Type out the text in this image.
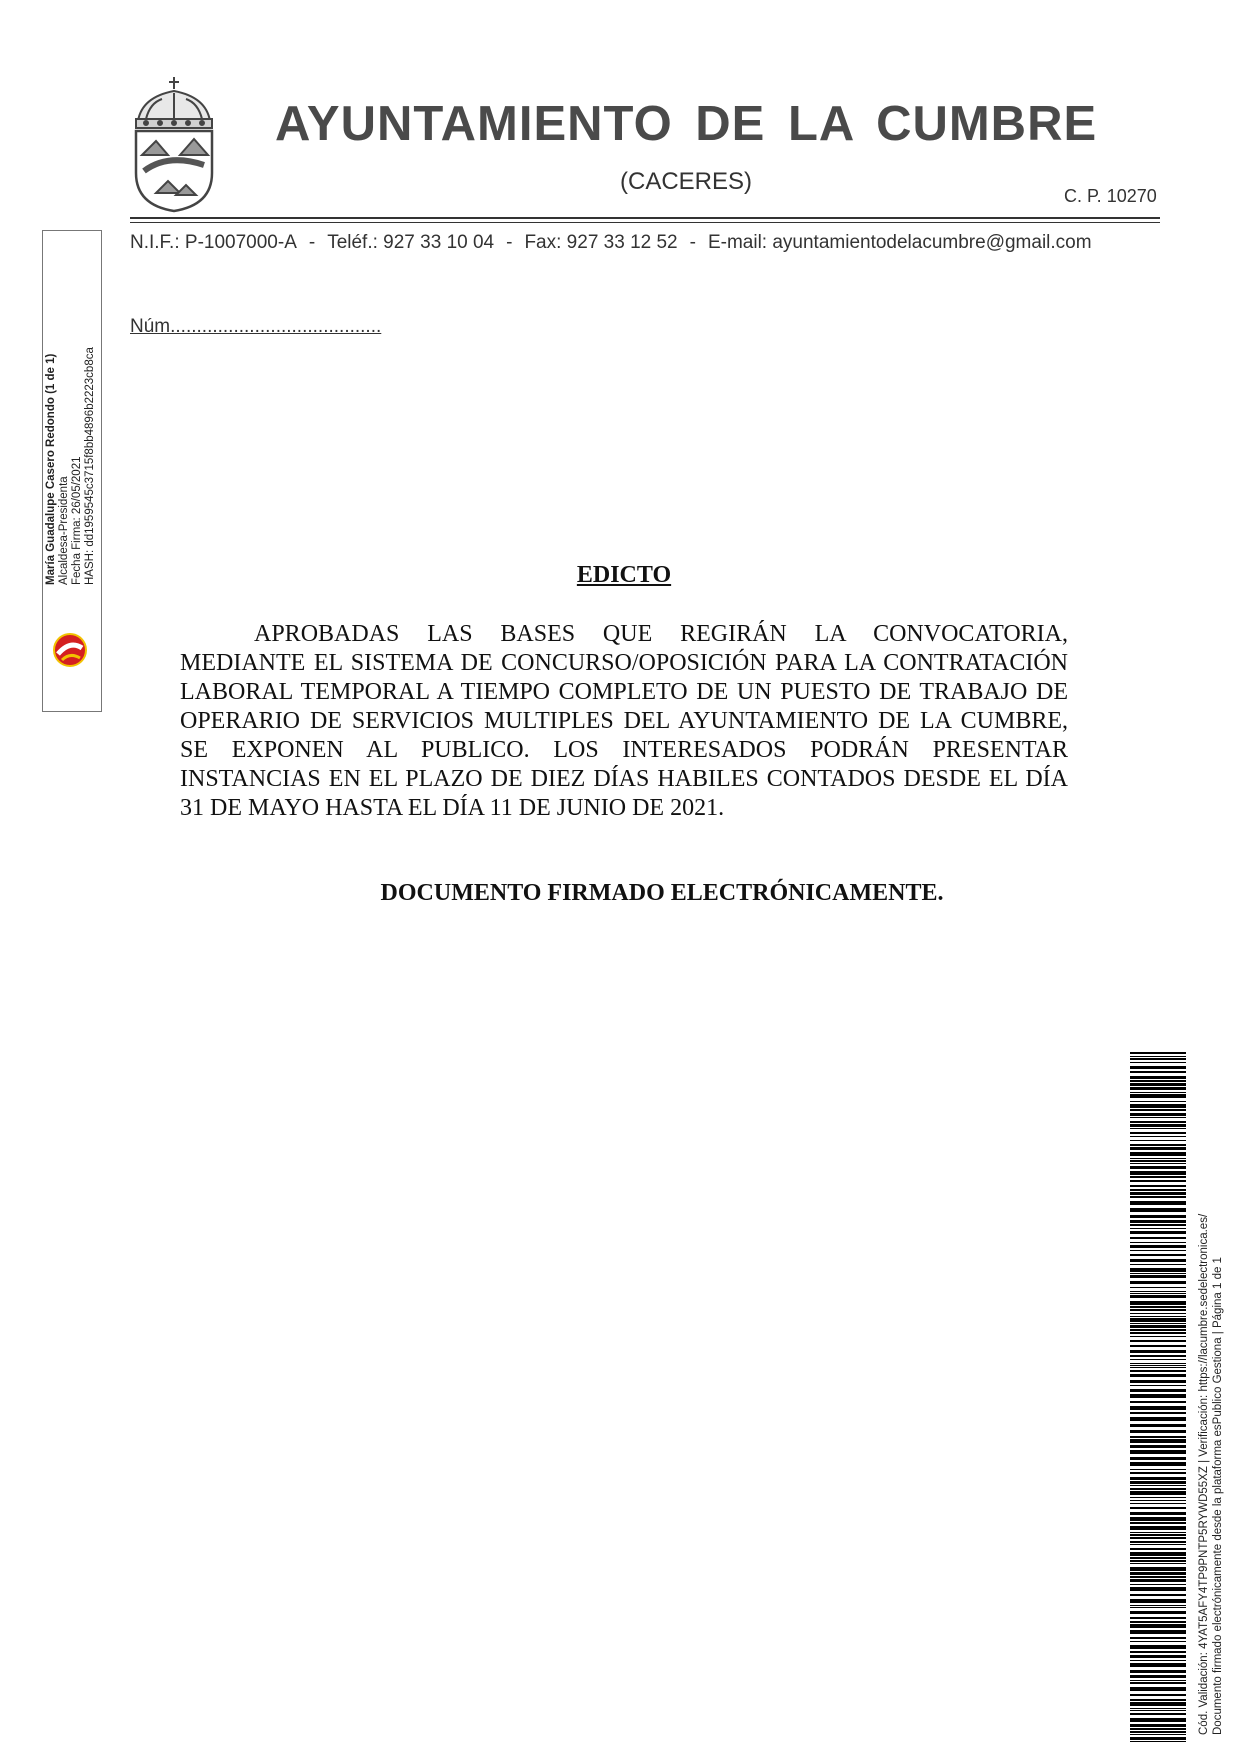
AYUNTAMIENTO DE LA CUMBRE
(CACERES)
C. P. 10270
N.I.F.: P-1007000-A - Teléf.: 927 33 10 04 - Fax: 927 33 12 52 - E-mail: ayuntamientodelacumbre@gmail.com
Núm........................................
María Guadalupe Casero Redondo (1 de 1) Alcaldesa-Presidenta Fecha Firma: 26/05/2021 HASH: dd1959545c3715f8bb4896b2223cb8ca	EDICTO

APROBADAS LAS BASES QUE REGIRÁN LA CONVOCATORIA, MEDIANTE EL SISTEMA DE CONCURSO/OPOSICIÓN PARA LA CONTRATACIÓN LABORAL TEMPORAL A TIEMPO COMPLETO DE UN PUESTO DE TRABAJO DE OPERARIO DE SERVICIOS MULTIPLES DEL AYUNTAMIENTO DE LA CUMBRE, SE EXPONEN AL PUBLICO. LOS INTERESADOS PODRÁN PRESENTAR INSTANCIAS EN EL PLAZO DE DIEZ DÍAS HABILES CONTADOS DESDE EL DÍA 31 DE MAYO HASTA EL DÍA 11 DE JUNIO DE 2021.

DOCUMENTO FIRMADO ELECTRÓNICAMENTE.
Cód. Validación: 4YAT5AFY4TP9PNTP5RYWD55XZ | Verificación: https://lacumbre.sedelectronica.es/ Documento firmado electrónicamente desde la plataforma esPublico Gestiona | Página 1 de 1
